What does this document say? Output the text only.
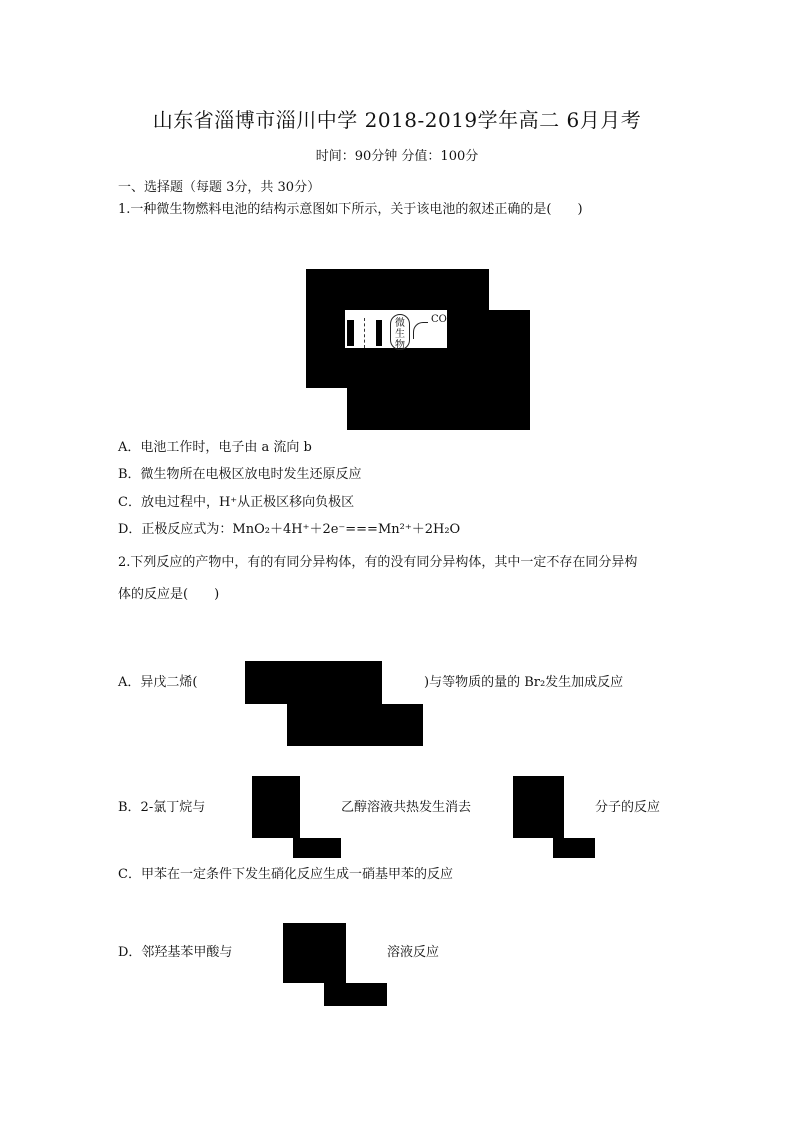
山东省淄博市淄川中学 2018-2019学年高二 6月月考
时间：90分钟 分值：100分
一、选择题（每题 3分，共 30分）
1.一种微生物燃料电池的结构示意图如下所示，关于该电池的叙述正确的是(　　)
微生物
CO
A．电池工作时，电子由 a 流向 b
B．微生物所在电极区放电时发生还原反应
C．放电过程中，H⁺从正极区移向负极区
D．正极反应式为：MnO₂＋4H⁺＋2e⁻===Mn²⁺＋2H₂O
2.下列反应的产物中，有的有同分异构体，有的没有同分异构体，其中一定不存在同分异构
体的反应是(　　)
A．异戊二烯(	)与等物质的量的 Br₂发生加成反应
B．2-氯丁烷与	乙醇溶液共热发生消去	分子的反应
C．甲苯在一定条件下发生硝化反应生成一硝基甲苯的反应
D．邻羟基苯甲酸与	溶液反应
